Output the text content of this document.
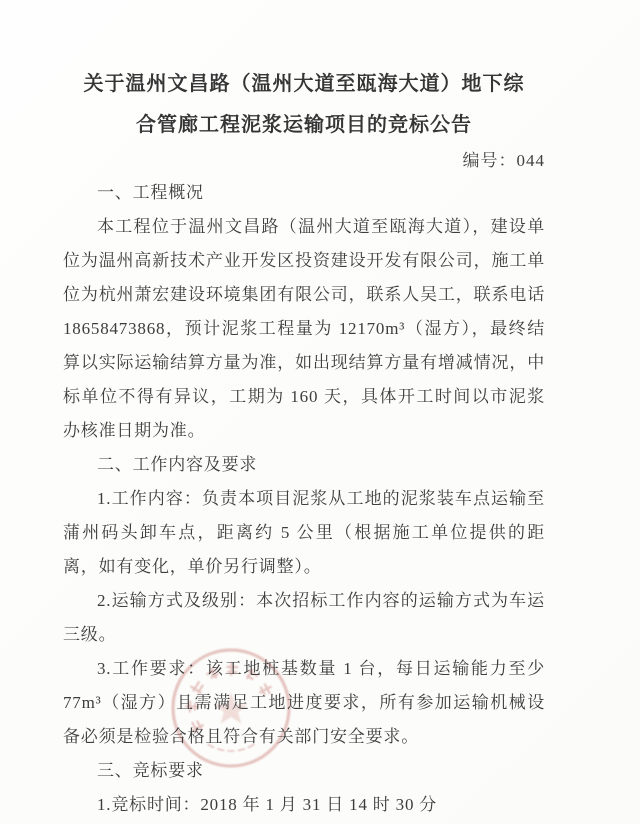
关于温州文昌路（温州大道至瓯海大道）地下综合管廊工程泥浆运输项目的竞标公告

编号：044

一、工程概况

本工程位于温州文昌路（温州大道至瓯海大道），建设单位为温州高新技术产业开发区投资建设开发有限公司，施工单位为杭州萧宏建设环境集团有限公司，联系人吴工，联系电话 18658473868，预计泥浆工程量为 12170m³（湿方），最终结算以实际运输结算方量为准，如出现结算方量有增减情况，中标单位不得有异议，工期为 160 天，具体开工时间以市泥浆办核准日期为准。

二、工作内容及要求

1.工作内容：负责本项目泥浆从工地的泥浆装车点运输至蒲州码头卸车点，距离约 5 公里（根据施工单位提供的距离，如有变化，单价另行调整）。

2.运输方式及级别：本次招标工作内容的运输方式为车运三级。

3.工作要求：该工地桩基数量 1 台，每日运输能力至少 77m³（湿方）且需满足工地进度要求，所有参加运输机械设备必须是检验合格且符合有关部门安全要求。

三、竞标要求

1.竞标时间：2018 年 1 月 31 日 14 时 30 分
